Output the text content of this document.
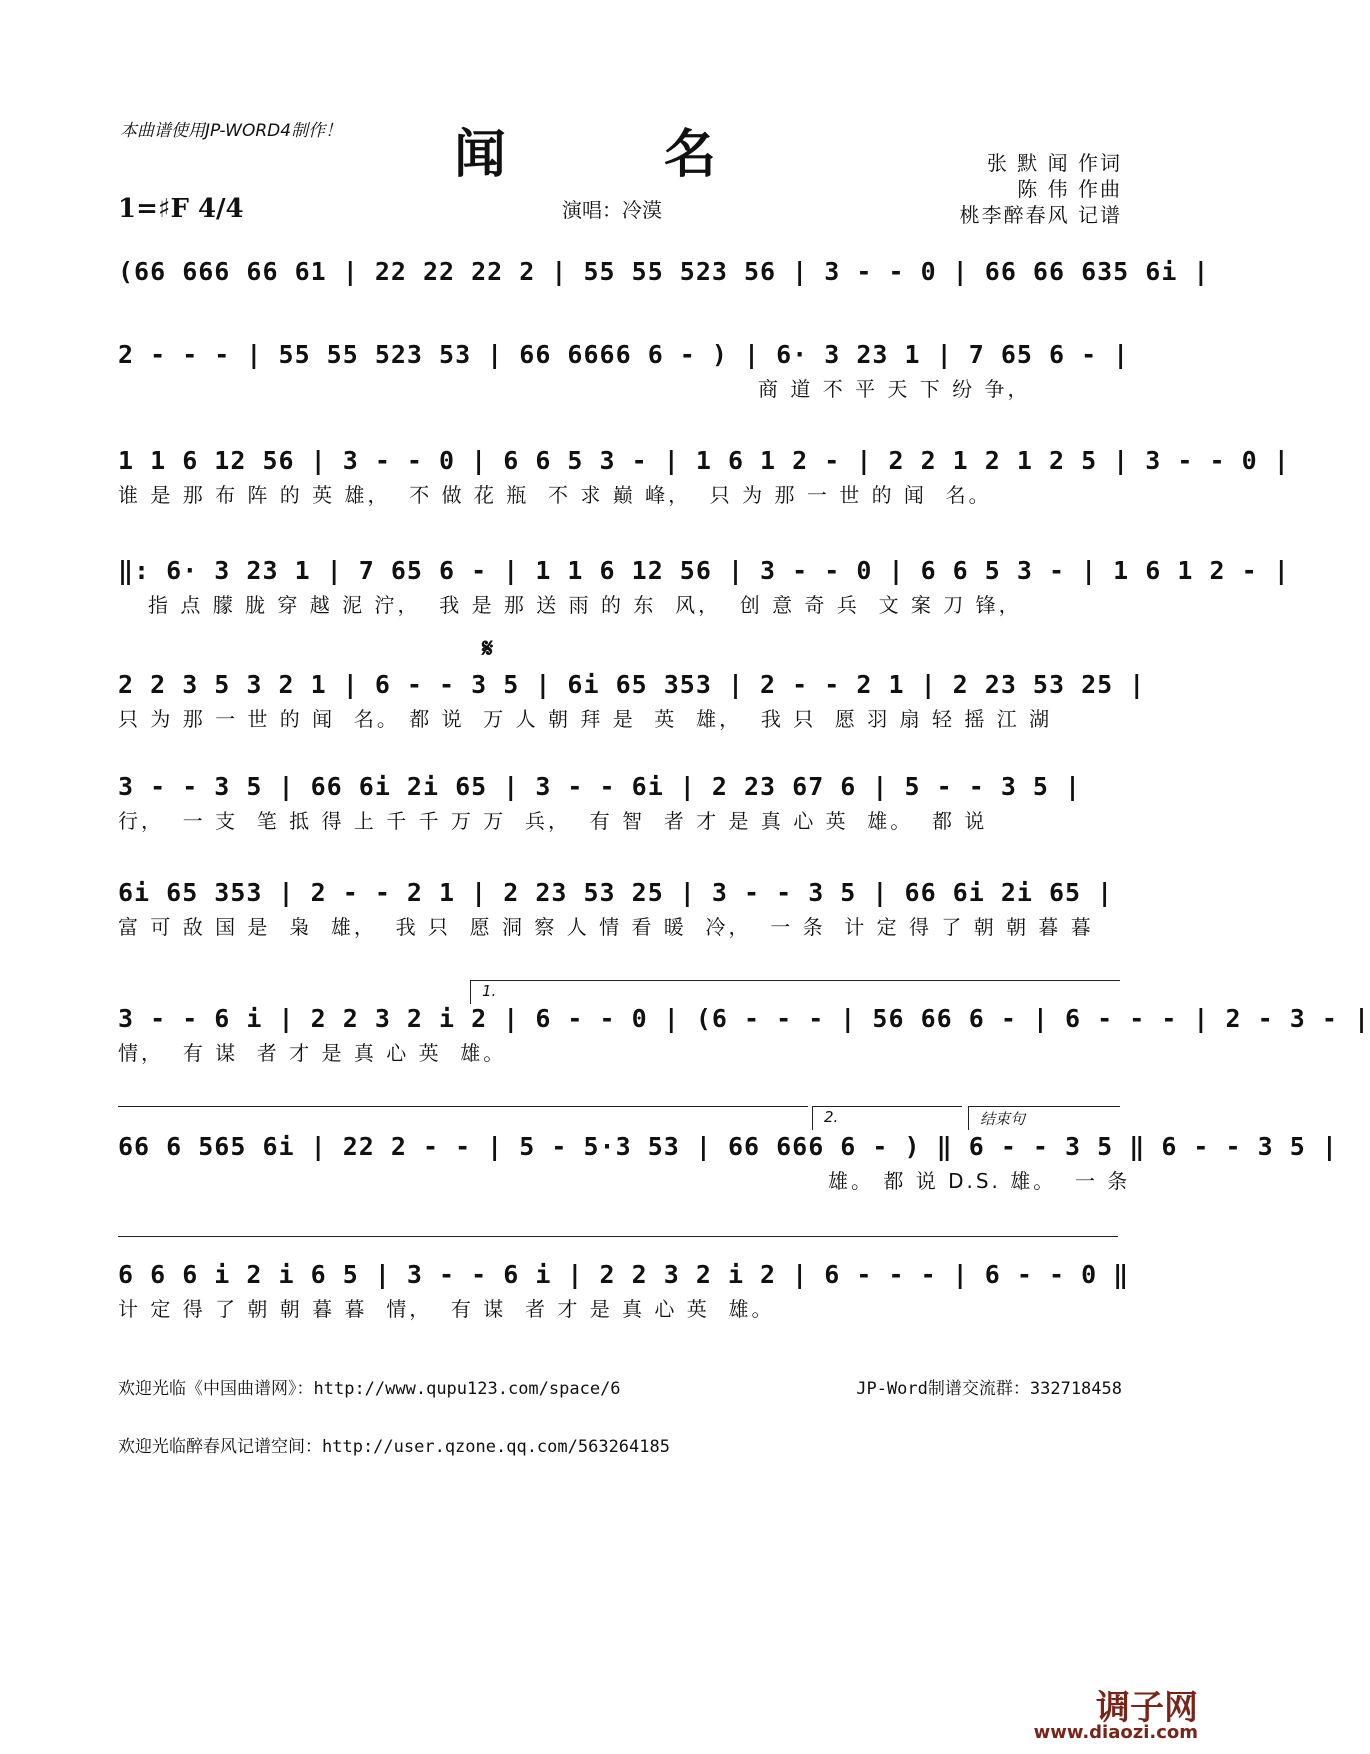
本曲谱使用JP-WORD4制作！	闻 名	张 默 闻 作词
陈 伟 作曲
桃李醉春风 记谱
1=♯F 4/4	演唱：冷漠
(66 666 66 61 | 22 22 22 2 | 55 55 523 56 | 3 - - 0 | 66 66 635 6i |
2 - - - | 55 55 523 53 | 66 6666 6 - ) | 6· 3 23 1 | 7 65 6 - |
商 道 不 平 天 下 纷 争，
1 1 6 12 56 | 3 - - 0 | 6 6 5 3 - | 1 6 1 2 - | 2 2 1 2 1 2 5 | 3 - - 0 |
谁 是 那 布 阵 的 英 雄，  不 做 花 瓶  不 求 巅 峰，  只 为 那 一 世 的 闻  名。
‖: 6· 3 23 1 | 7 65 6 - | 1 1 6 12 56 | 3 - - 0 | 6 6 5 3 - | 1 6 1 2 - |
指 点 朦 胧 穿 越 泥 泞，  我 是 那 送 雨 的 东  风，  创 意 奇 兵  文 案 刀 锋，
𝄋
2 2 3 5 3 2 1 | 6 - - 3 5 | 6i 65 353 | 2 - - 2 1 | 2 23 53 25 |
只 为 那 一 世 的 闻  名。 都 说  万 人 朝 拜 是  英  雄，  我 只  愿 羽 扇 轻 摇 江 湖
3 - - 3 5 | 66 6i 2i 65 | 3 - - 6i | 2 23 67 6 | 5 - - 3 5 |
行，  一 支  笔 抵 得 上 千 千 万 万  兵，  有 智  者 才 是 真 心 英  雄。  都 说
6i 65 353 | 2 - - 2 1 | 2 23 53 25 | 3 - - 3 5 | 66 6i 2i 65 |
富 可 敌 国 是  枭  雄，  我 只  愿 洞 察 人 情 看 暖  冷，  一 条  计 定 得 了 朝 朝 暮 暮
1.
3 - - 6 i | 2 2 3 2 i 2 | 6 - - 0 | (6 - - - | 56 66 6 - | 6 - - - | 2 - 3 - |
情，  有 谋  者 才 是 真 心 英  雄。
2.	结束句
66 6 565 6i | 22 2 - - | 5 - 5·3 53 | 66 666 6 - ) ‖ 6 - - 3 5 ‖ 6 - - 3 5 |
雄。 都 说 D.S. 雄。  一 条
6 6 6 i 2 i 6 5 | 3 - - 6 i | 2 2 3 2 i 2 | 6 - - - | 6 - - 0 ‖
计 定 得 了 朝 朝 暮 暮  情，  有 谋  者 才 是 真 心 英  雄。
欢迎光临《中国曲谱网》：http://www.qupu123.com/space/6	JP-Word制谱交流群：332718458
欢迎光临醉春风记谱空间：http://user.qzone.qq.com/563264185
调子网
www.diaozi.com
